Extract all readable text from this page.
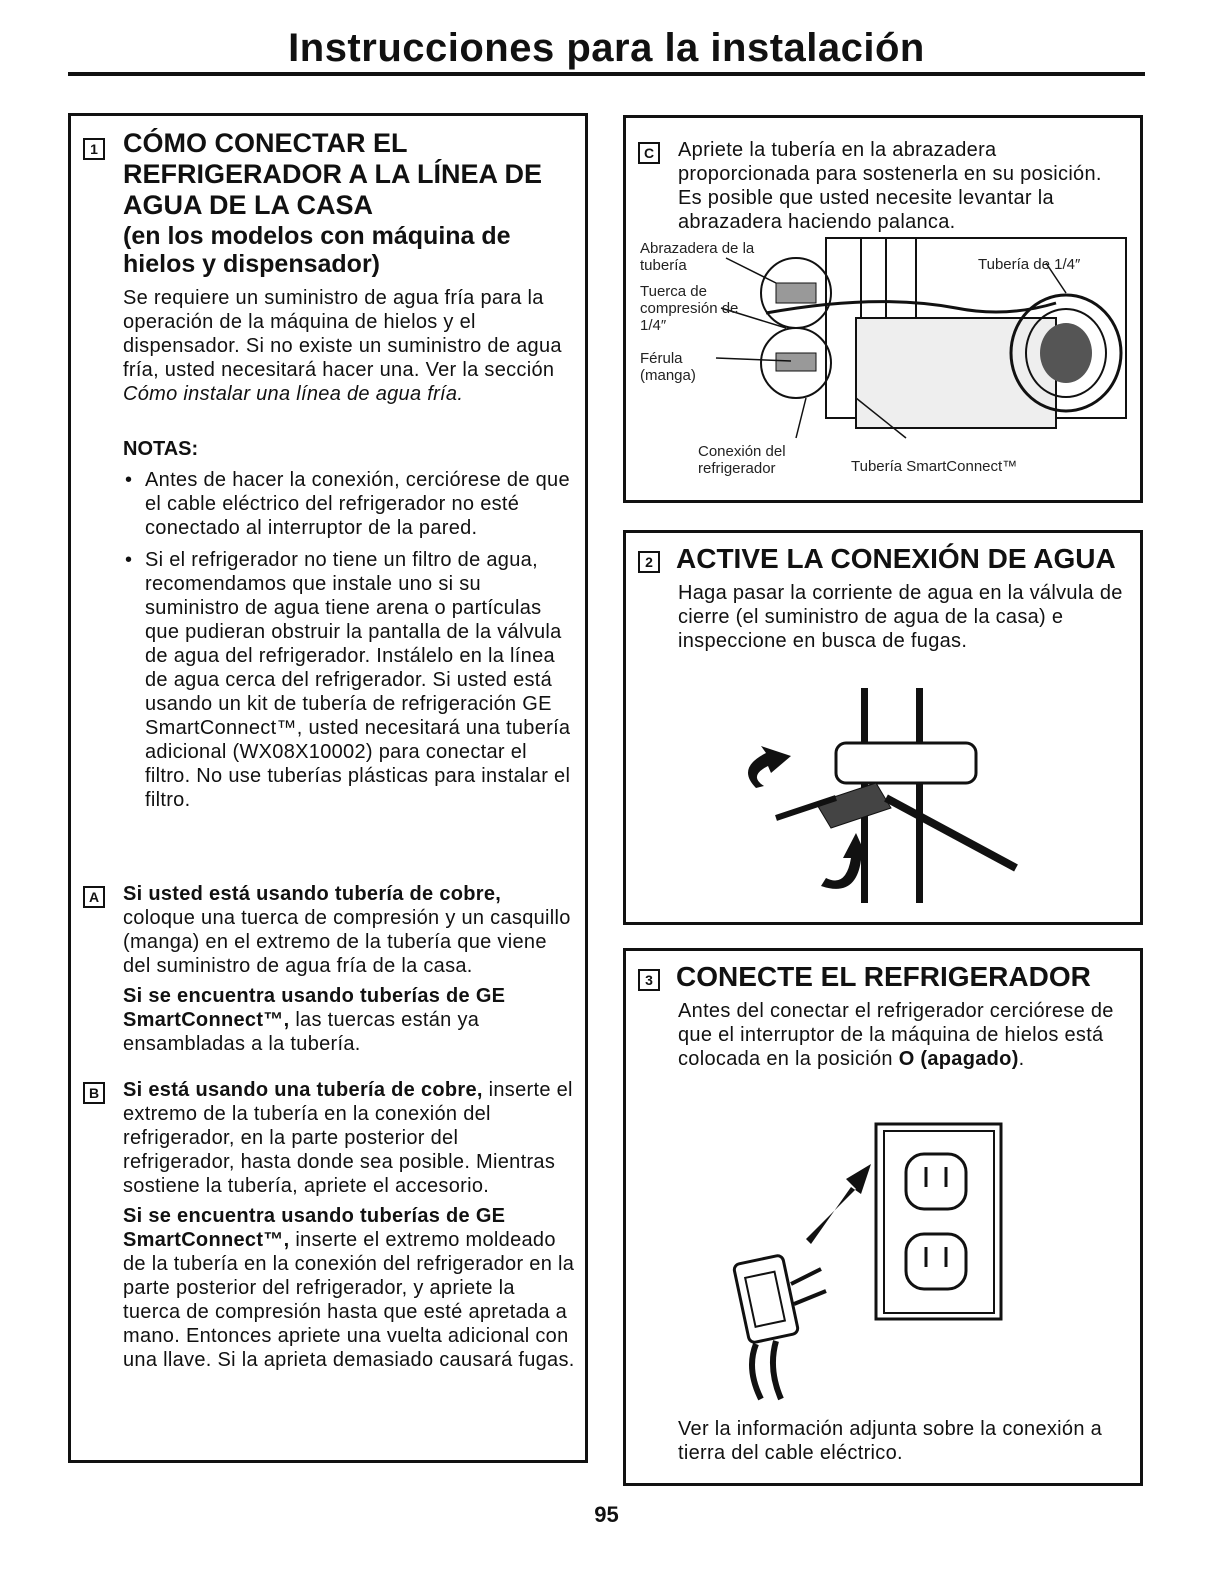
Instrucciones para la instalación
1 CÓMO CONECTAR EL REFRIGERADOR A LA LÍNEA DE AGUA DE LA CASA
(en los modelos con máquina de hielos y dispensador)
Se requiere un suministro de agua fría para la operación de la máquina de hielos y el dispensador. Si no existe un suministro de agua fría, usted necesitará hacer una. Ver la sección Cómo instalar una línea de agua fría.
NOTAS:
• Antes de hacer la conexión, cerciórese de que el cable eléctrico del refrigerador no esté conectado al interruptor de la pared.
• Si el refrigerador no tiene un filtro de agua, recomendamos que instale uno si su suministro de agua tiene arena o partículas que pudieran obstruir la pantalla de la válvula de agua del refrigerador. Instálelo en la línea de agua cerca del refrigerador. Si usted está usando un kit de tubería de refrigeración GE SmartConnect™, usted necesitará una tubería adicional (WX08X10002) para conectar el filtro. No use tuberías plásticas para instalar el filtro.
A Si usted está usando tubería de cobre, coloque una tuerca de compresión y un casquillo (manga) en el extremo de la tubería que viene del suministro de agua fría de la casa.
Si se encuentra usando tuberías de GE SmartConnect™, las tuercas están ya ensambladas a la tubería.
B Si está usando una tubería de cobre, inserte el extremo de la tubería en la conexión del refrigerador, en la parte posterior del refrigerador, hasta donde sea posible. Mientras sostiene la tubería, apriete el accesorio.
Si se encuentra usando tuberías de GE SmartConnect™, inserte el extremo moldeado de la tubería en la conexión del refrigerador en la parte posterior del refrigerador, y apriete la tuerca de compresión hasta que esté apretada a mano. Entonces apriete una vuelta adicional con una llave. Si la aprieta demasiado causará fugas.
C Apriete la tubería en la abrazadera proporcionada para sostenerla en su posición. Es posible que usted necesite levantar la abrazadera haciendo palanca.
Abrazadera de la tubería
Tuerca de compresión de 1/4″
Férula (manga)
Tubería de 1/4″
Conexión del refrigerador	Tubería SmartConnect™
2 ACTIVE LA CONEXIÓN DE AGUA
Haga pasar la corriente de agua en la válvula de cierre (el suministro de agua de la casa) e inspeccione en busca de fugas.
3 CONECTE EL REFRIGERADOR
Antes del conectar el refrigerador cerciórese de que el interruptor de la máquina de hielos está colocada en la posición O (apagado).
Ver la información adjunta sobre la conexión a tierra del cable eléctrico.
95
